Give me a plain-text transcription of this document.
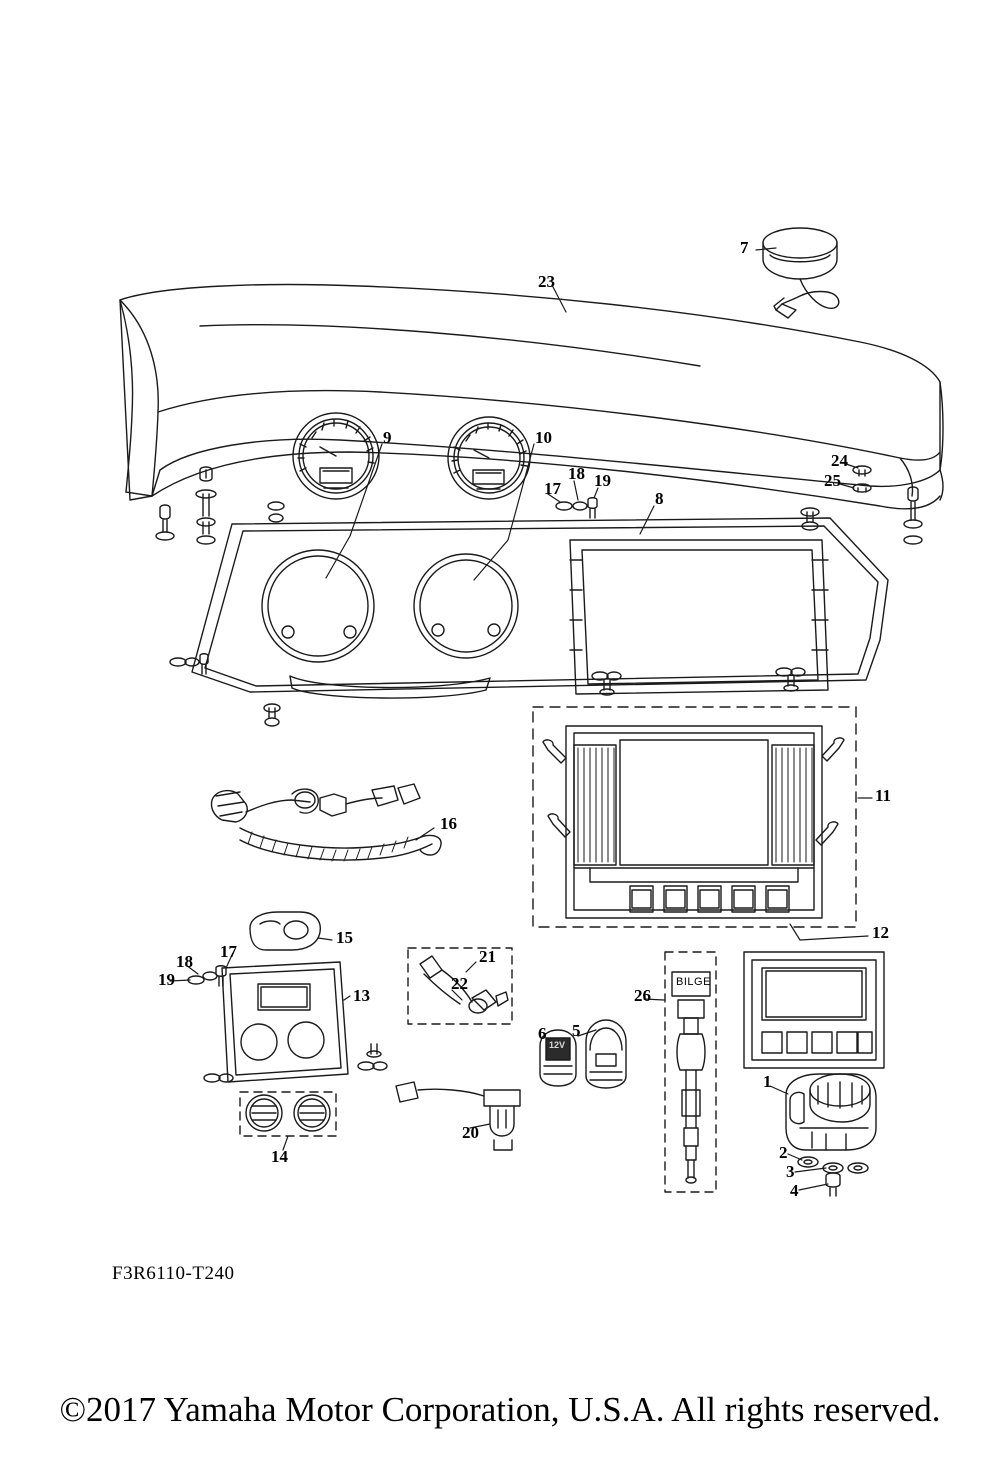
1
2
3
4
5
6
7
8
9	10
11
12
13
14
15
16
17
18 19
17
18
19
20
21
22
23
24
25
26
BILGE
12V
F3R6110-T240
©2017 Yamaha Motor Corporation, U.S.A. All rights reserved.
